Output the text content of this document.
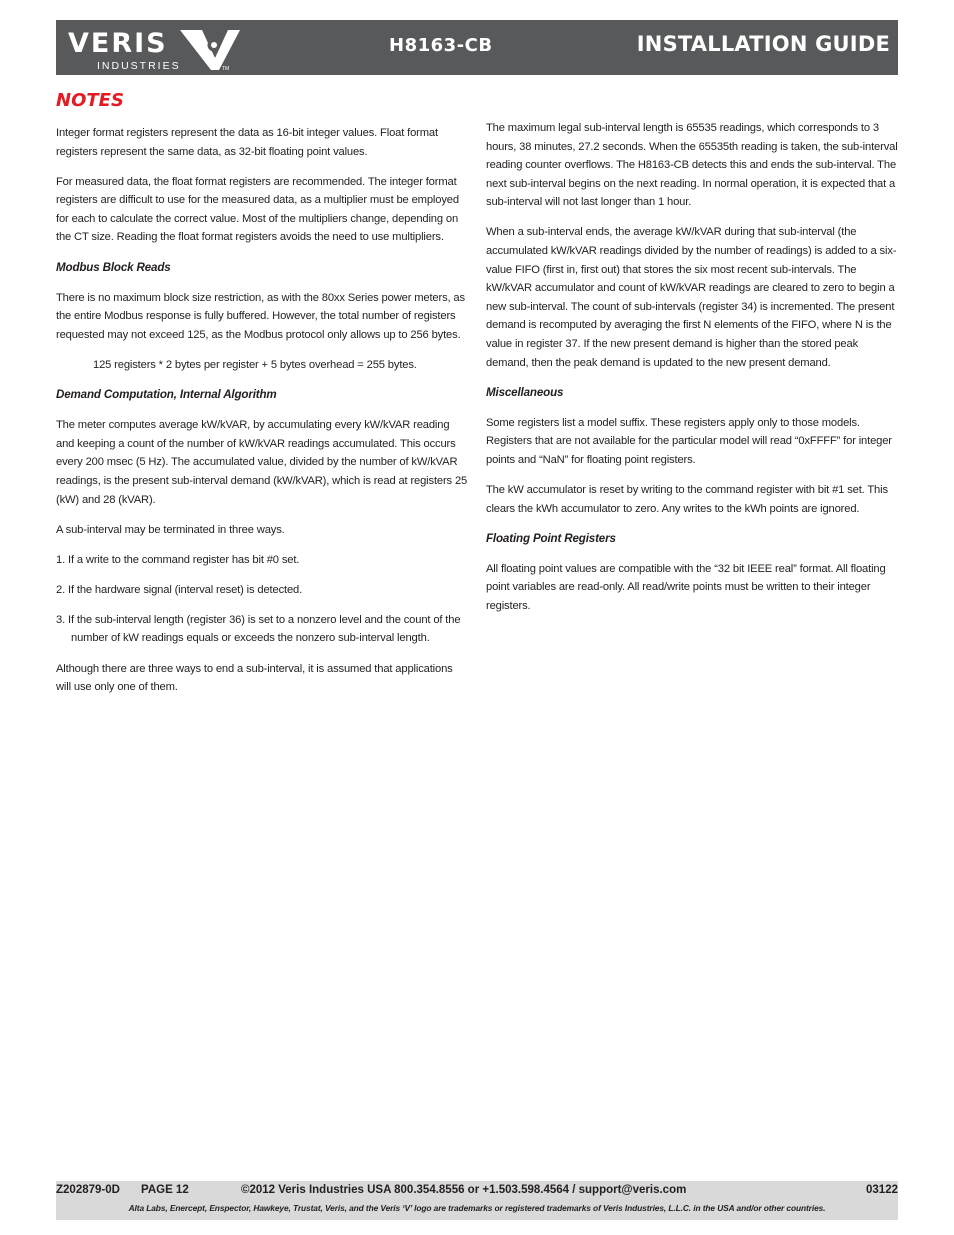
VERIS
INDUSTRIES	TM
H8163-CB	INSTALLATION GUIDE
NOTES

Integer format registers represent the data as 16-bit integer values. Float format registers represent the same data, as 32-bit floating point values.

For measured data, the float format registers are recommended. The integer format registers are difficult to use for the measured data, as a multiplier must be employed for each to calculate the correct value. Most of the multipliers change, depending on the CT size. Reading the float format registers avoids the need to use multipliers.

Modbus Block Reads

There is no maximum block size restriction, as with the 80xx Series power meters, as the entire Modbus response is fully buffered. However, the total number of registers requested may not exceed 125, as the Modbus protocol only allows up to 256 bytes.

125 registers * 2 bytes per register + 5 bytes overhead = 255 bytes.

Demand Computation, Internal Algorithm

The meter computes average kW/kVAR, by accumulating every kW/kVAR reading and keeping a count of the number of kW/kVAR readings accumulated. This occurs every 200 msec (5 Hz). The accumulated value, divided by the number of kW/kVAR readings, is the present sub-interval demand (kW/kVAR), which is read at registers 25 (kW) and 28 (kVAR).

A sub-interval may be terminated in three ways.

1. If a write to the command register has bit #0 set.

2. If the hardware signal (interval reset) is detected.

3. If the sub-interval length (register 36) is set to a nonzero level and the count of the number of kW readings equals or exceeds the nonzero sub-interval length.

Although there are three ways to end a sub-interval, it is assumed that applications will use only one of them.

The maximum legal sub-interval length is 65535 readings, which corresponds to 3 hours, 38 minutes, 27.2 seconds. When the 65535th reading is taken, the sub-interval reading counter overflows. The H8163-CB detects this and ends the sub-interval. The next sub-interval begins on the next reading. In normal operation, it is expected that a sub-interval will not last longer than 1 hour.

When a sub-interval ends, the average kW/kVAR during that sub-interval (the accumulated kW/kVAR readings divided by the number of readings) is added to a six-value FIFO (first in, first out) that stores the six most recent sub-intervals. The kW/kVAR accumulator and count of kW/kVAR readings are cleared to zero to begin a new sub-interval. The count of sub-intervals (register 34) is incremented. The present demand is recomputed by averaging the first N elements of the FIFO, where N is the value in register 37. If the new present demand is higher than the stored peak demand, then the peak demand is updated to the new present demand.

Miscellaneous

Some registers list a model suffix. These registers apply only to those models. Registers that are not available for the particular model will read “0xFFFF” for integer points and “NaN” for floating point registers.

The kW accumulator is reset by writing to the command register with bit #1 set. This clears the kWh accumulator to zero. Any writes to the kWh points are ignored.

Floating Point Registers

All floating point values are compatible with the “32 bit IEEE real” format. All floating point variables are read-only. All read/write points must be written to their integer registers.

Z202879-0D PAGE 12	©2012 Veris Industries USA 800.354.8556 or +1.503.598.4564 / support@veris.com	03122
Alta Labs, Enercept, Enspector, Hawkeye, Trustat, Veris, and the Veris ‘V’ logo are trademarks or registered trademarks of Veris Industries, L.L.C. in the USA and/or other countries.
